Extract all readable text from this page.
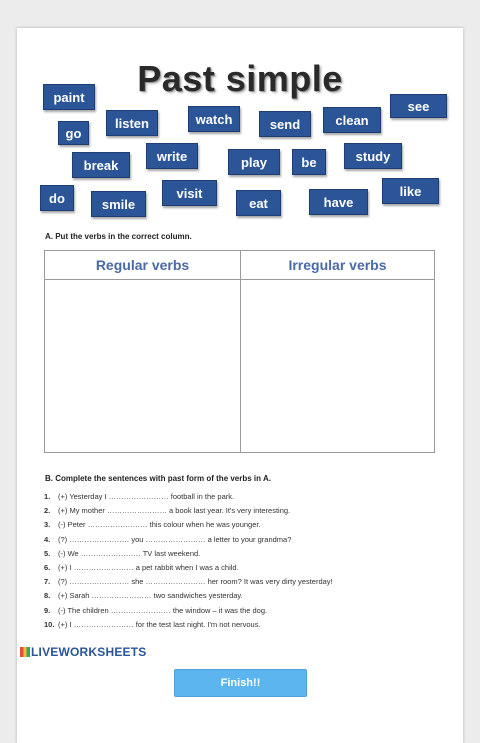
Past simple
paint
listen	watch
see
go
send	clean
break
write	play	be	study
do	smile
visit
eat	have
like
A. Put the verbs in the correct column.
Regular verbs	Irregular verbs
B. Complete the sentences with past form of the verbs in A.
1. (+) Yesterday I …………………… football in the park.
2. (+) My mother …………………… a book last year. It's very interesting.
3. (-) Peter …………………… this colour when he was younger.
4. (?) …………………… you …………………… a letter to your grandma?
5. (-) We …………………… TV last weekend.
6. (+) I …………………… a pet rabbit when I was a child.
7. (?) …………………… she …………………… her room? It was very dirty yesterday!
8. (+) Sarah …………………… two sandwiches yesterday.
9. (-) The children …………………… the window – it was the dog.
10. (+) I …………………… for the test last night. I'm not nervous.
LIVEWORKSHEETS
Finish!!
